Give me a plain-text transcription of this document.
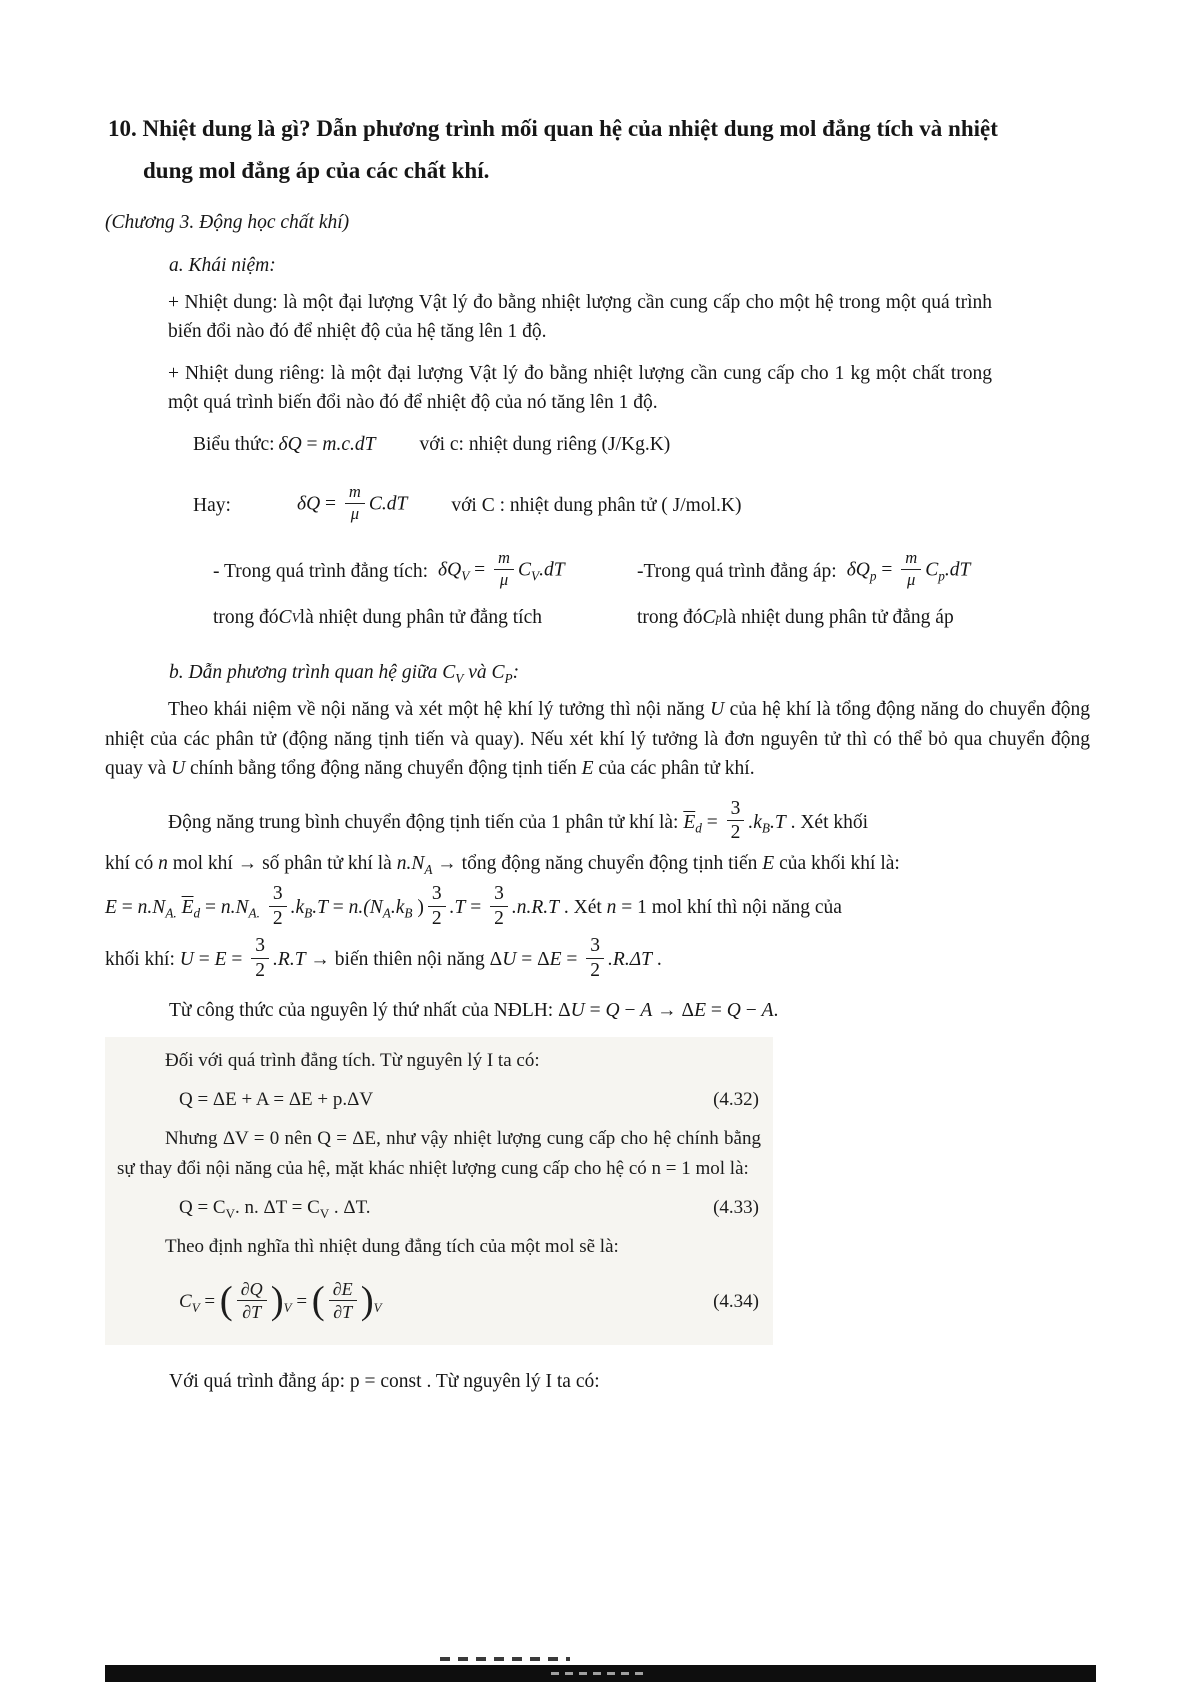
10. Nhiệt dung là gì? Dẫn phương trình mối quan hệ của nhiệt dung mol đẳng tích và nhiệt dung mol đẳng áp của các chất khí.
(Chương 3. Động học chất khí)
a. Khái niệm:

+ Nhiệt dung: là một đại lượng Vật lý đo bằng nhiệt lượng cần cung cấp cho một hệ trong một quá trình biến đổi nào đó để nhiệt độ của hệ tăng lên 1 độ.

+ Nhiệt dung riêng: là một đại lượng Vật lý đo bằng nhiệt lượng cần cung cấp cho 1 kg một chất trong một quá trình biến đổi nào đó để nhiệt độ của nó tăng lên 1 độ.

Biểu thức: δQ = m.c.dT với c: nhiệt dung riêng (J/Kg.K)
Hay:	$\delta Q = \frac{m}{\mu} C.dT$ với C : nhiệt dung phân tử ( J/mol.K)
- Trong quá trình đẳng tích: $\delta Q_V = \frac{m}{\mu} C_V.dT$	-Trong quá trình đẳng áp: $\delta Q_p = \frac{m}{\mu} C_p.dT$
trong đó C V là nhiệt dung phân tử đẳng tích	trong đó C p là nhiệt dung phân tử đẳng áp
b. Dẫn phương trình quan hệ giữa $C_V$ và $C_P$:

Theo khái niệm về nội năng và xét một hệ khí lý tưởng thì nội năng U của hệ khí là tổng động năng do chuyển động nhiệt của các phân tử (động năng tịnh tiến và quay). Nếu xét khí lý tưởng là đơn nguyên tử thì có thể bỏ qua chuyển động quay và U chính bằng tổng động năng chuyển động tịnh tiến E của các phân tử khí.

Động năng trung bình chuyển động tịnh tiến của 1 phân tử khí là: $\overline{E}_d = \frac{3}{2} .k_B.T$ . Xét khối
khí có n mol khí → số phân tử khí là $n.N_A$ → tổng động năng chuyển động tịnh tiến E của khối khí là:
$E = n.N_{A.}$ $\overline{E}_d = n.N_{A.} \frac{3}{2} .k_B.T = n.(N_A.k_B$ ) $\frac{3}{2} .T = \frac{3}{2} .n.R.T$ . Xét n = 1 mol khí thì nội năng của
khối khí: $U = E = \frac{3}{2} .R.T$ → biến thiên nội năng $\Delta U = \Delta E = \frac{3}{2} .R.\Delta T$ .

Từ công thức của nguyên lý thứ nhất của NĐLH: ΔU = Q − A → ΔE = Q − A.

Đối với quá trình đẳng tích. Từ nguyên lý I ta có:

Q = ΔE + A = ΔE + p.ΔV	(4.32)

Nhưng ΔV = 0 nên Q = ΔE, như vậy nhiệt lượng cung cấp cho hệ chính bằng sự thay đổi nội năng của hệ, mặt khác nhiệt lượng cung cấp cho hệ có n = 1 mol là:

$Q = C_V$. n. $\Delta T = C_V$ . ΔT.	(4.33)

Theo định nghĩa thì nhiệt dung đẳng tích của một mol sẽ là:

$C_V$ = ( $\frac{\partial Q}{\partial T} )_V$ = ( $\frac{\partial E}{\partial T} )_V$	(4.34)

Với quá trình đẳng áp: p = const . Từ nguyên lý I ta có:
